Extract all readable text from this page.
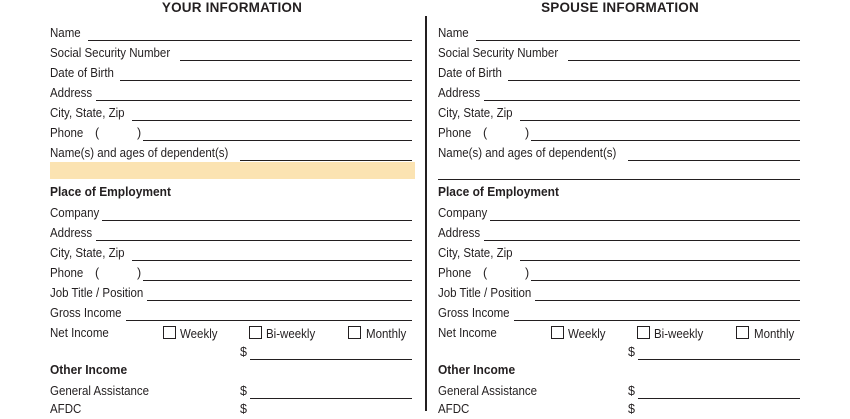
YOUR INFORMATION
Name
Social Security Number
Date of Birth
Address
City, State, Zip
Phone (	)
Name(s) and ages of dependent(s)
Place of Employment
Company
Address
City, State, Zip
Phone (	)
Job Title / Position
Gross Income
Net Income	Weekly	Bi-weekly	Monthly
$
Other Income
General Assistance	$
AFDC	$
SPOUSE INFORMATION
Name
Social Security Number
Date of Birth
Address
City, State, Zip
Phone (	)
Name(s) and ages of dependent(s)
Place of Employment
Company
Address
City, State, Zip
Phone (	)
Job Title / Position
Gross Income
Net Income	Weekly	Bi-weekly	Monthly
$
Other Income
General Assistance	$
AFDC	$
